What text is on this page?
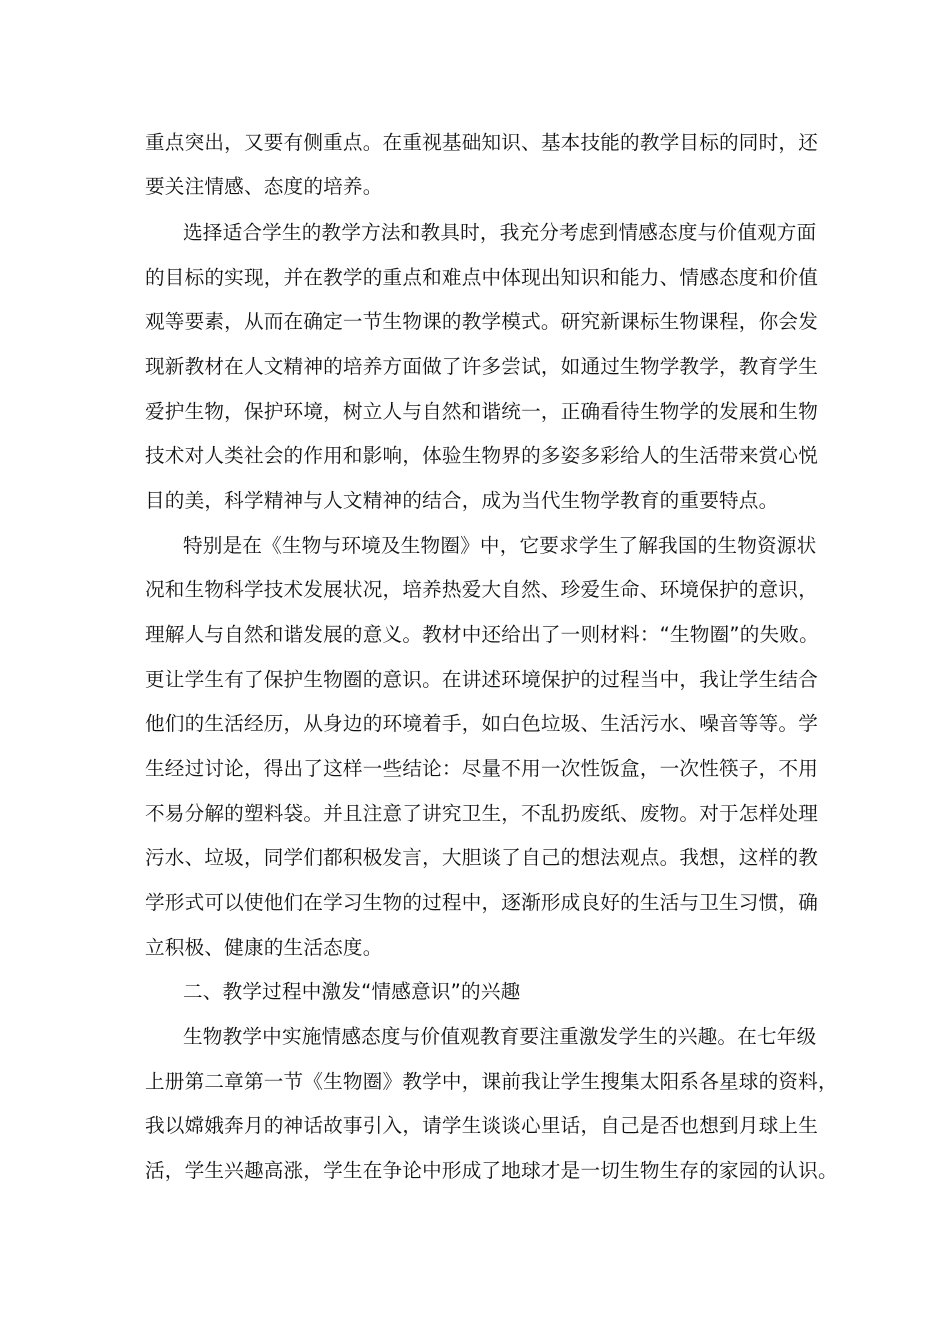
重点突出，又要有侧重点。在重视基础知识、基本技能的教学目标的同时，还
要关注情感、态度的培养。
选择适合学生的教学方法和教具时，我充分考虑到情感态度与价值观方面
的目标的实现，并在教学的重点和难点中体现出知识和能力、情感态度和价值
观等要素，从而在确定一节生物课的教学模式。研究新课标生物课程，你会发
现新教材在人文精神的培养方面做了许多尝试，如通过生物学教学，教育学生
爱护生物，保护环境，树立人与自然和谐统一，正确看待生物学的发展和生物
技术对人类社会的作用和影响，体验生物界的多姿多彩给人的生活带来赏心悦
目的美，科学精神与人文精神的结合，成为当代生物学教育的重要特点。
特别是在《生物与环境及生物圈》中，它要求学生了解我国的生物资源状
况和生物科学技术发展状况，培养热爱大自然、珍爱生命、环境保护的意识，
理解人与自然和谐发展的意义。教材中还给出了一则材料：“生物圈”的失败。
更让学生有了保护生物圈的意识。在讲述环境保护的过程当中，我让学生结合
他们的生活经历，从身边的环境着手，如白色垃圾、生活污水、噪音等等。学
生经过讨论，得出了这样一些结论：尽量不用一次性饭盒，一次性筷子，不用
不易分解的塑料袋。并且注意了讲究卫生，不乱扔废纸、废物。对于怎样处理
污水、垃圾，同学们都积极发言，大胆谈了自己的想法观点。我想，这样的教
学形式可以使他们在学习生物的过程中，逐渐形成良好的生活与卫生习惯，确
立积极、健康的生活态度。
二、教学过程中激发“情感意识”的兴趣
生物教学中实施情感态度与价值观教育要注重激发学生的兴趣。在七年级
上册第二章第一节《生物圈》教学中，课前我让学生搜集太阳系各星球的资料，
我以嫦娥奔月的神话故事引入，请学生谈谈心里话，自己是否也想到月球上生
活，学生兴趣高涨，学生在争论中形成了地球才是一切生物生存的家园的认识。
